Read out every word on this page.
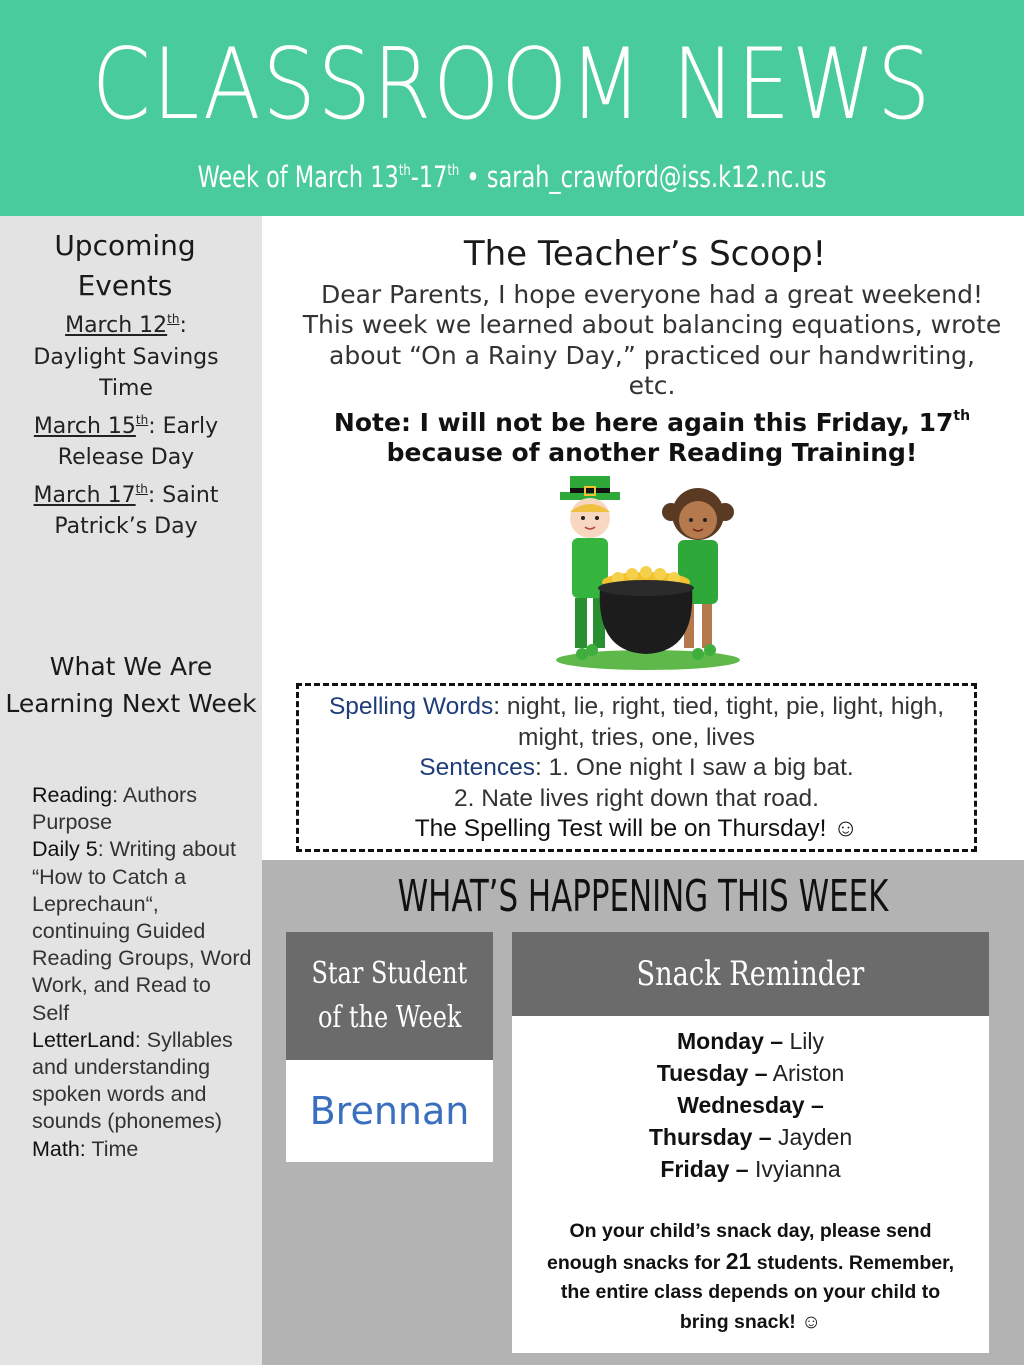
CLASSROOM NEWS
Week of March 13th-17th • sarah_crawford@iss.k12.nc.us
Upcoming
Events
March 12th:
Daylight Savings Time
March 15th: Early
Release Day
March 17th: Saint
Patrick’s Day
What We Are Learning Next Week
Reading: Authors Purpose
Daily 5: Writing about “How to Catch a Leprechaun“, continuing Guided Reading Groups, Word Work, and Read to Self
LetterLand: Syllables and understanding spoken words and sounds (phonemes)
Math: Time
The Teacher’s Scoop!
Dear Parents, I hope everyone had a great weekend! This week we learned about balancing equations, wrote about “On a Rainy Day,” practiced our handwriting, etc.
Note: I will not be here again this Friday, 17th because of another Reading Training!
Spelling Words: night, lie, right, tied, tight, pie, light, high, might, tries, one, lives
Sentences: 1. One night I saw a big bat.
2. Nate lives right down that road.
The Spelling Test will be on Thursday! ☺
WHAT’S HAPPENING THIS WEEK
Star Student
of the Week
Brennan
Snack Reminder
Monday – Lily
Tuesday – Ariston
Wednesday –
Thursday – Jayden
Friday – Ivyianna
On your child’s snack day, please send enough snacks for 21 students. Remember, the entire class depends on your child to bring snack! ☺
